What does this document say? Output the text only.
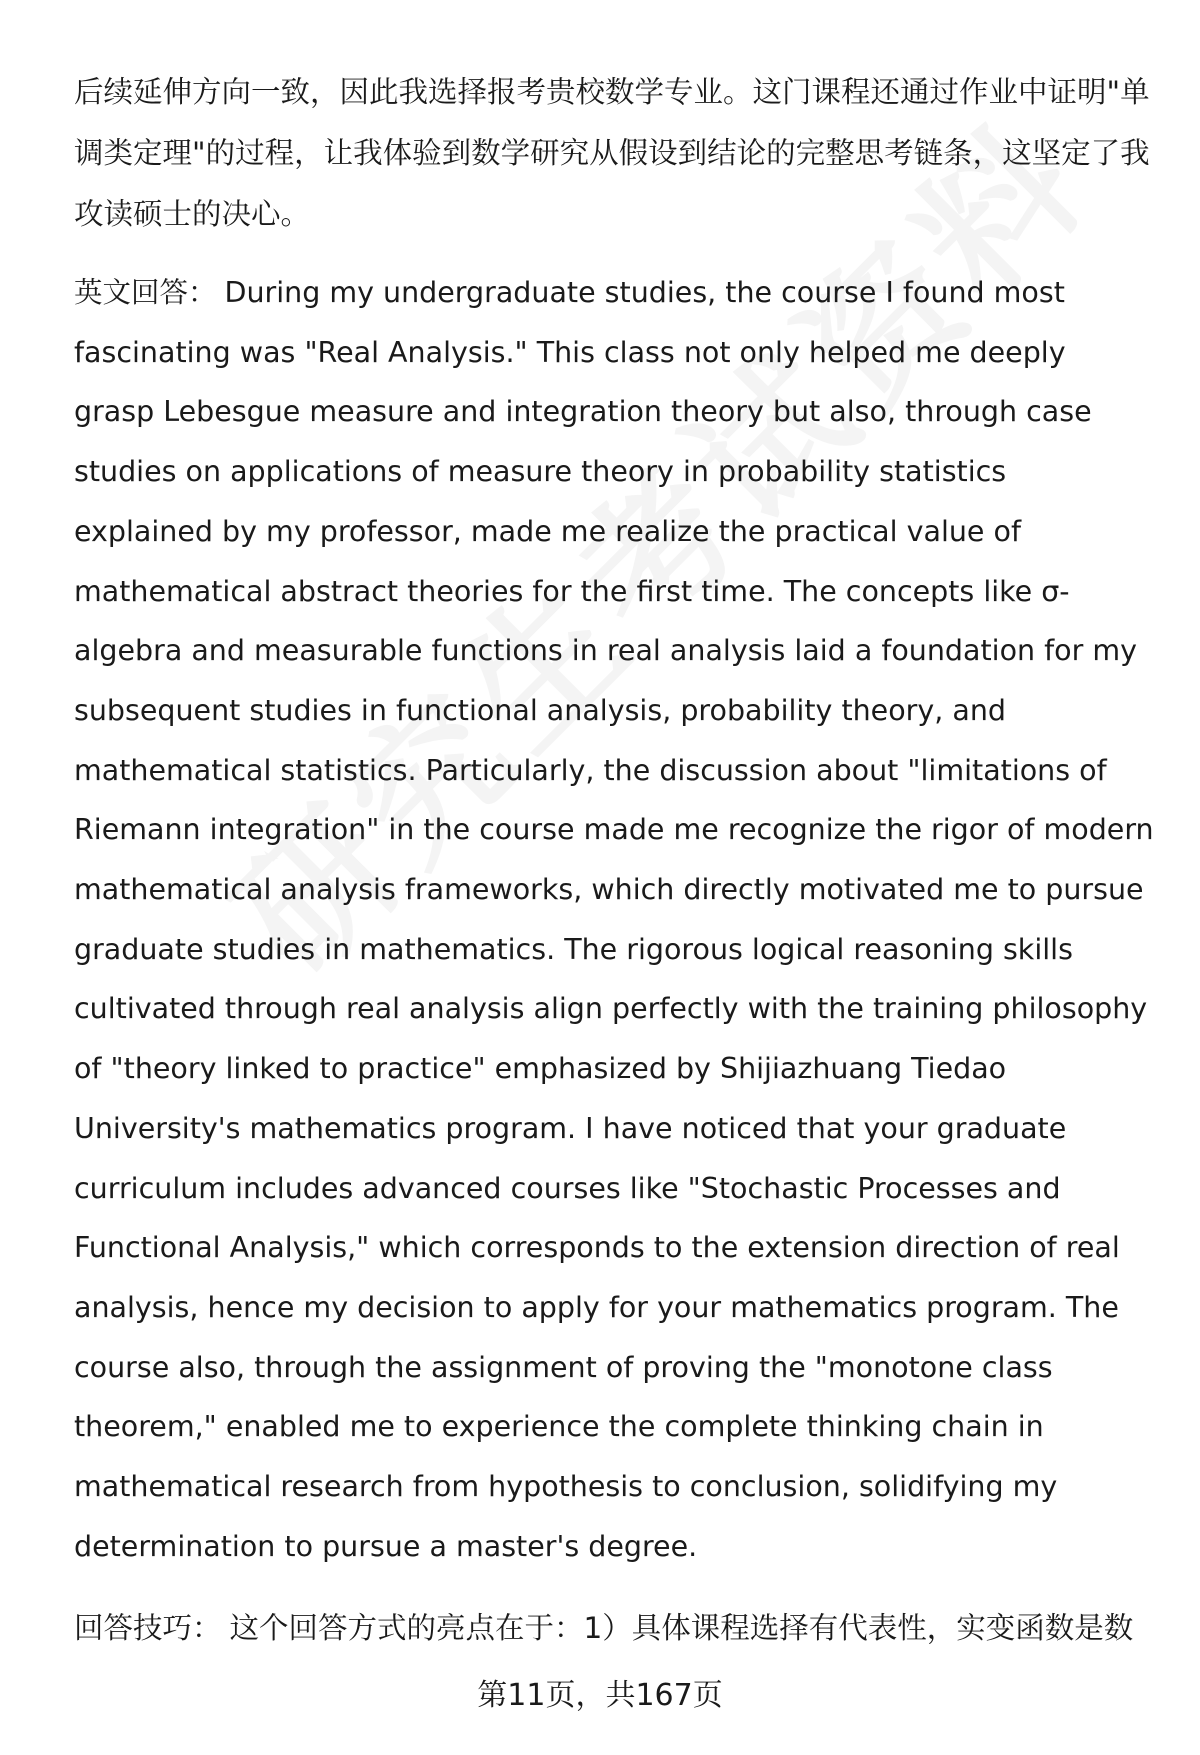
后续延伸方向一致，因此我选择报考贵校数学专业。这门课程还通过作业中证明"单调类定理"的过程，让我体验到数学研究从假设到结论的完整思考链条，这坚定了我攻读硕士的决心。

英文回答： During my undergraduate studies, the course I found most fascinating was "Real Analysis." This class not only helped me deeply grasp Lebesgue measure and integration theory but also, through case studies on applications of measure theory in probability statistics explained by my professor, made me realize the practical value of mathematical abstract theories for the first time. The concepts like σ-algebra and measurable functions in real analysis laid a foundation for my subsequent studies in functional analysis, probability theory, and mathematical statistics. Particularly, the discussion about "limitations of Riemann integration" in the course made me recognize the rigor of modern mathematical analysis frameworks, which directly motivated me to pursue graduate studies in mathematics. The rigorous logical reasoning skills cultivated through real analysis align perfectly with the training philosophy of "theory linked to practice" emphasized by Shijiazhuang Tiedao University's mathematics program. I have noticed that your graduate curriculum includes advanced courses like "Stochastic Processes and Functional Analysis," which corresponds to the extension direction of real analysis, hence my decision to apply for your mathematics program. The course also, through the assignment of proving the "monotone class theorem," enabled me to experience the complete thinking chain in mathematical research from hypothesis to conclusion, solidifying my determination to pursue a master's degree.

回答技巧： 这个回答方式的亮点在于：1）具体课程选择有代表性，实变函数是数

第11页，共167页
